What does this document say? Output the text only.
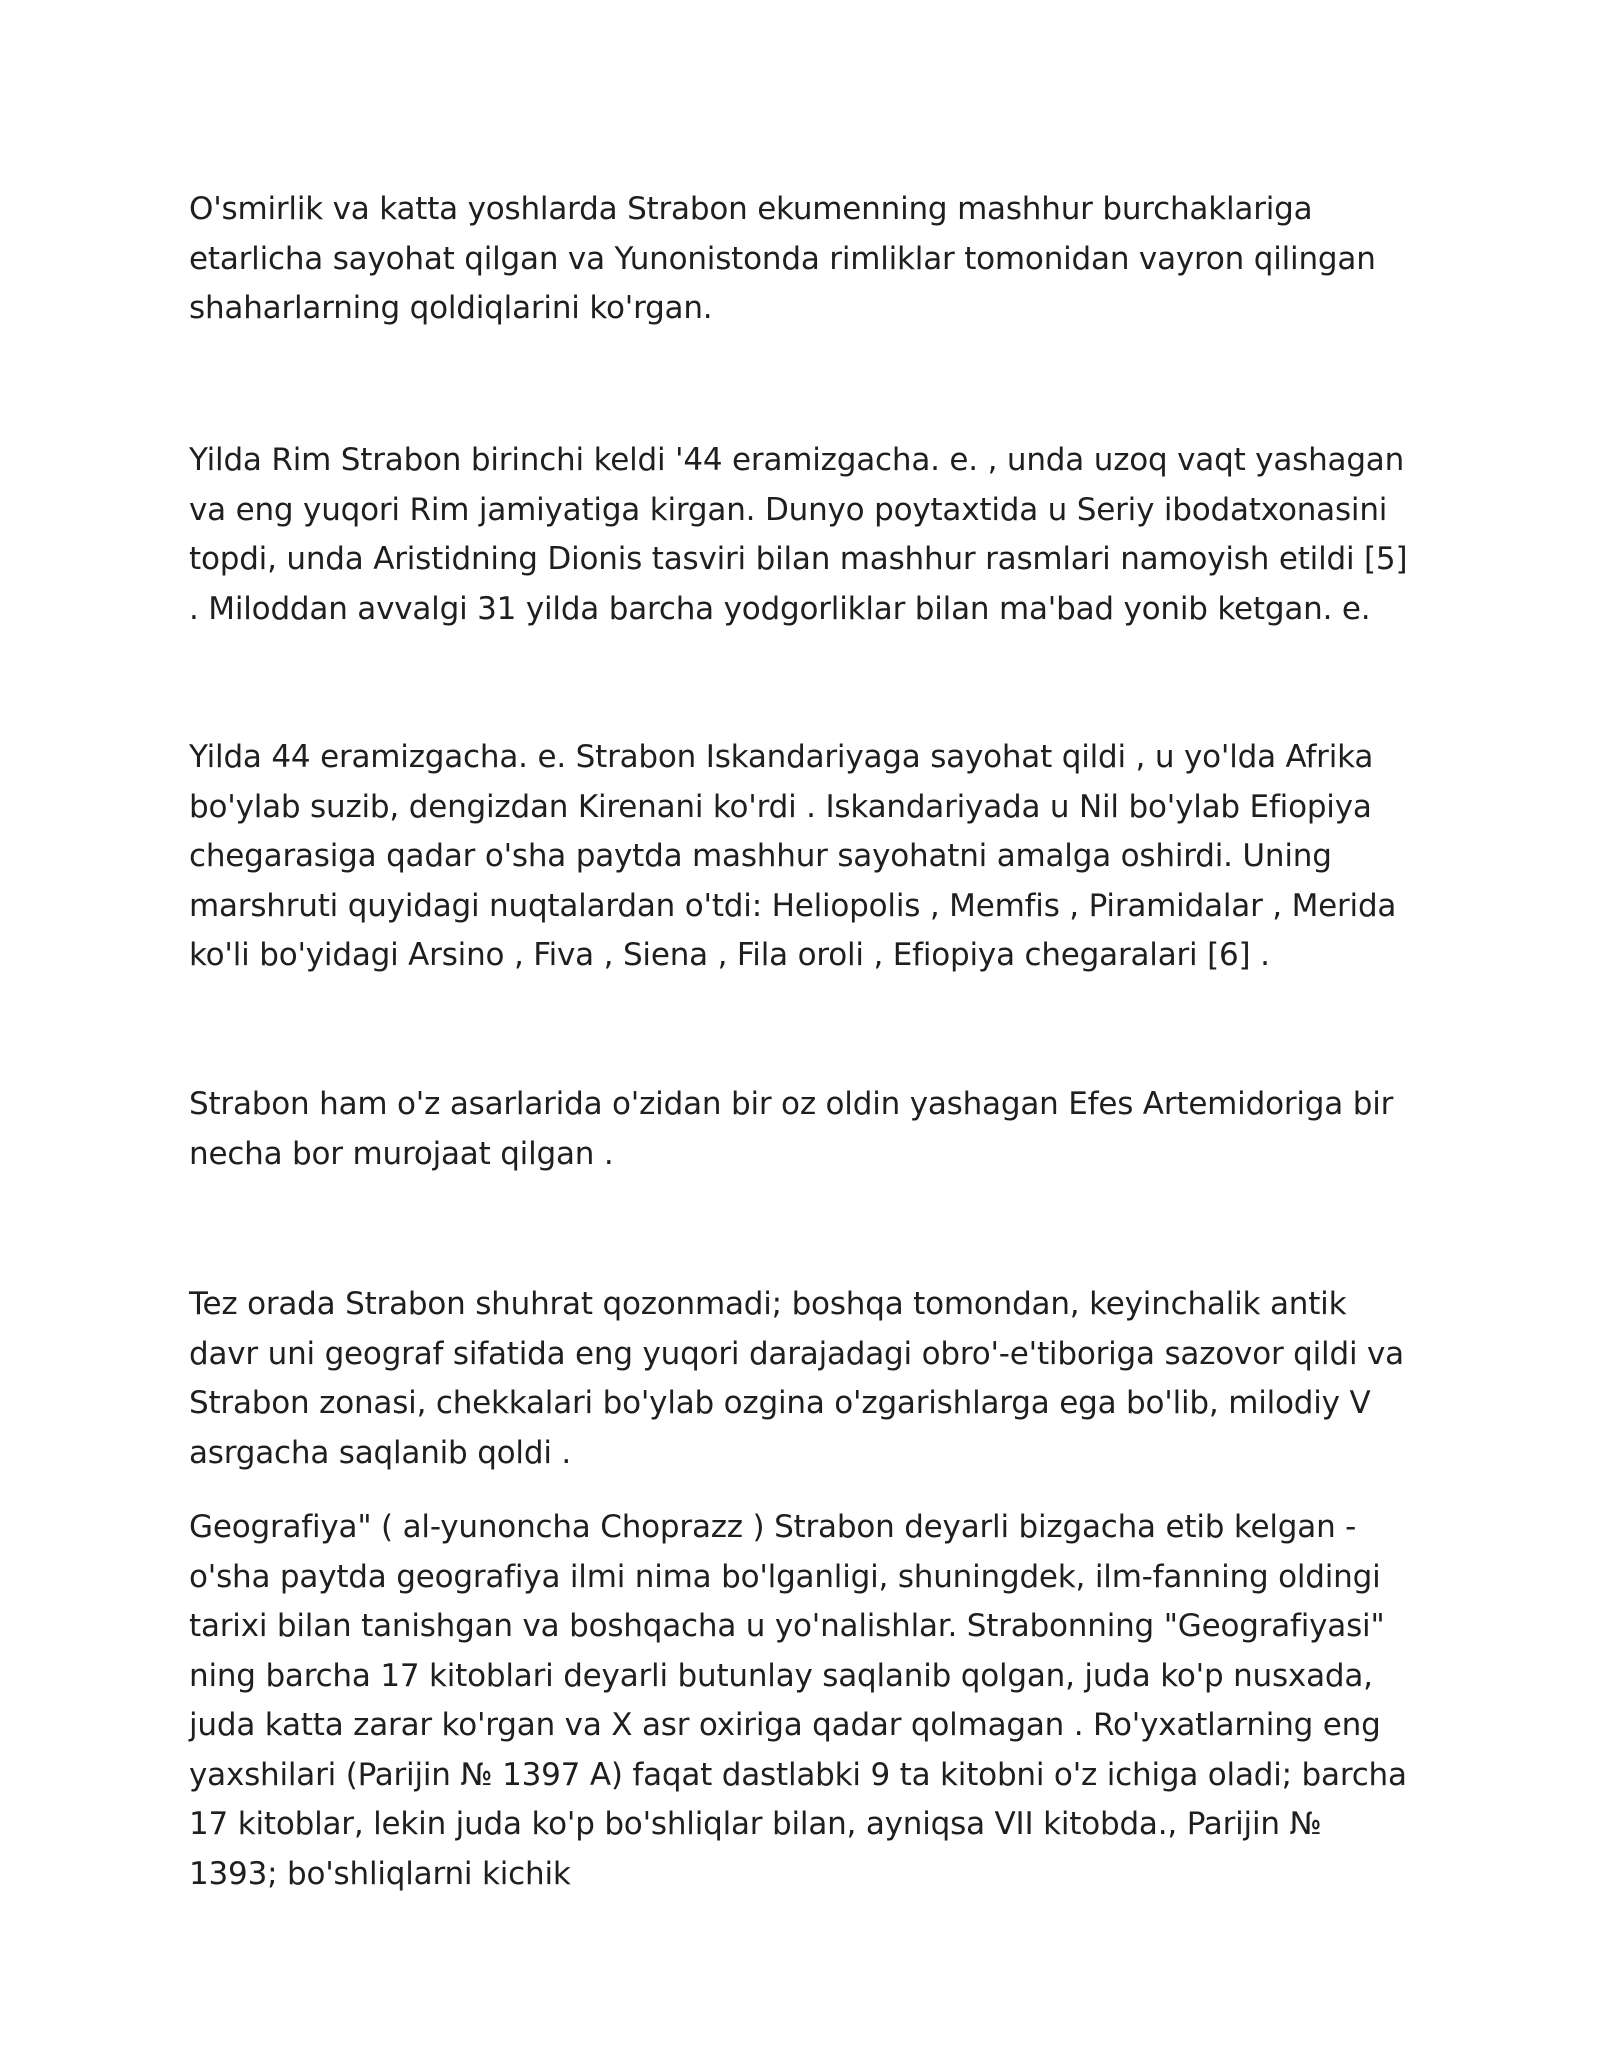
O'smirlik va katta yoshlarda Strabon ekumenning mashhur burchaklariga etarlicha sayohat qilgan va Yunonistonda rimliklar tomonidan vayron qilingan shaharlarning qoldiqlarini ko'rgan.

Yilda Rim Strabon birinchi keldi '44 eramizgacha. e. , unda uzoq vaqt yashagan va eng yuqori Rim jamiyatiga kirgan. Dunyo poytaxtida u Seriy ibodatxonasini topdi, unda Aristidning Dionis tasviri bilan mashhur rasmlari namoyish etildi [5] . Miloddan avvalgi 31 yilda barcha yodgorliklar bilan ma'bad yonib ketgan. e.

Yilda 44 eramizgacha. e. Strabon Iskandariyaga sayohat qildi , u yo'lda Afrika bo'ylab suzib, dengizdan Kirenani ko'rdi . Iskandariyada u Nil bo'ylab Efiopiya chegarasiga qadar o'sha paytda mashhur sayohatni amalga oshirdi. Uning marshruti quyidagi nuqtalardan o'tdi: Heliopolis , Memfis , Piramidalar , Merida ko'li bo'yidagi Arsino , Fiva , Siena , Fila oroli , Efiopiya chegaralari [6] .

Strabon ham o'z asarlarida o'zidan bir oz oldin yashagan Efes Artemidoriga bir necha bor murojaat qilgan .

Tez orada Strabon shuhrat qozonmadi; boshqa tomondan, keyinchalik antik davr uni geograf sifatida eng yuqori darajadagi obro'-e'tiboriga sazovor qildi va Strabon zonasi, chekkalari bo'ylab ozgina o'zgarishlarga ega bo'lib, milodiy V asrgacha saqlanib qoldi .

Geografiya" ( al-yunoncha Choprazz ) Strabon deyarli bizgacha etib kelgan - o'sha paytda geografiya ilmi nima bo'lganligi, shuningdek, ilm-fanning oldingi tarixi bilan tanishgan va boshqacha u yo'nalishlar. Strabonning "Geografiyasi" ning barcha 17 kitoblari deyarli butunlay saqlanib qolgan, juda ko'p nusxada, juda katta zarar ko'rgan va X asr oxiriga qadar qolmagan . Ro'yxatlarning eng yaxshilari (Parijin № 1397 A) faqat dastlabki 9 ta kitobni o'z ichiga oladi; barcha 17 kitoblar, lekin juda ko'p bo'shliqlar bilan, ayniqsa VII kitobda., Parijin № 1393; bo'shliqlarni kichik
